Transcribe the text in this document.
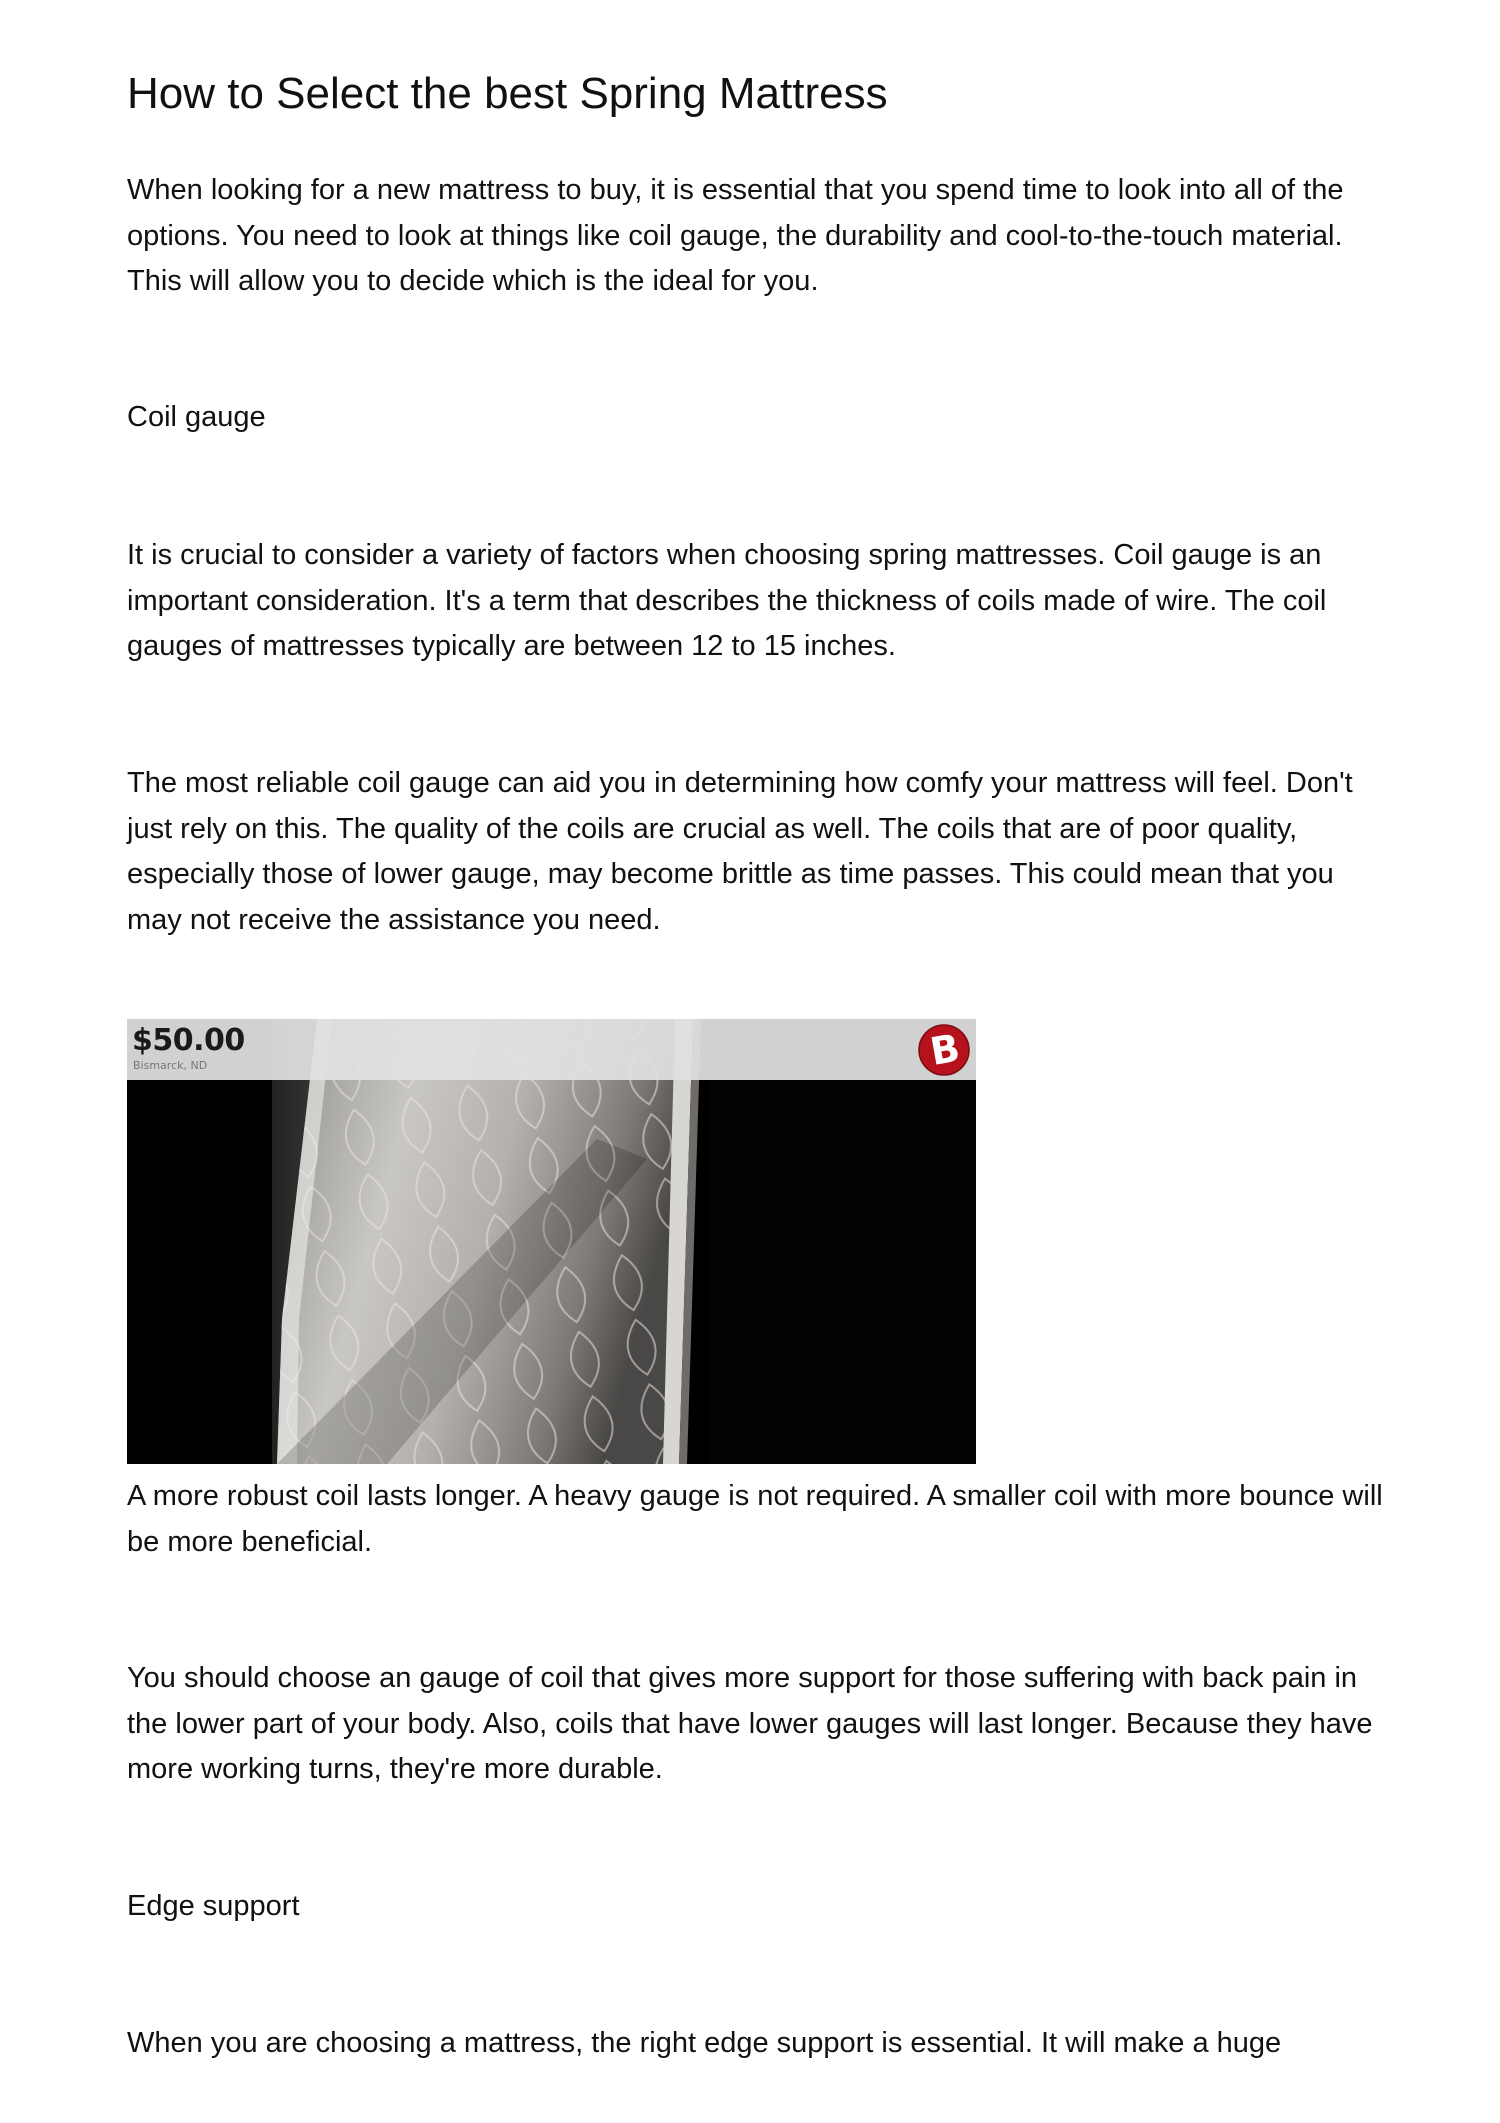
How to Select the best Spring Mattress

When looking for a new mattress to buy, it is essential that you spend time to look into all of the options. You need to look at things like coil gauge, the durability and cool-to-the-touch material. This will allow you to decide which is the ideal for you.

Coil gauge

It is crucial to consider a variety of factors when choosing spring mattresses. Coil gauge is an important consideration. It's a term that describes the thickness of coils made of wire. The coil gauges of mattresses typically are between 12 to 15 inches.

The most reliable coil gauge can aid you in determining how comfy your mattress will feel. Don't just rely on this. The quality of the coils are crucial as well. The coils that are of poor quality, especially those of lower gauge, may become brittle as time passes. This could mean that you may not receive the assistance you need.

$50.00
Bismarck, ND	B

A more robust coil lasts longer. A heavy gauge is not required. A smaller coil with more bounce will be more beneficial.

You should choose an gauge of coil that gives more support for those suffering with back pain in the lower part of your body. Also, coils that have lower gauges will last longer. Because they have more working turns, they're more durable.

Edge support

When you are choosing a mattress, the right edge support is essential. It will make a huge
